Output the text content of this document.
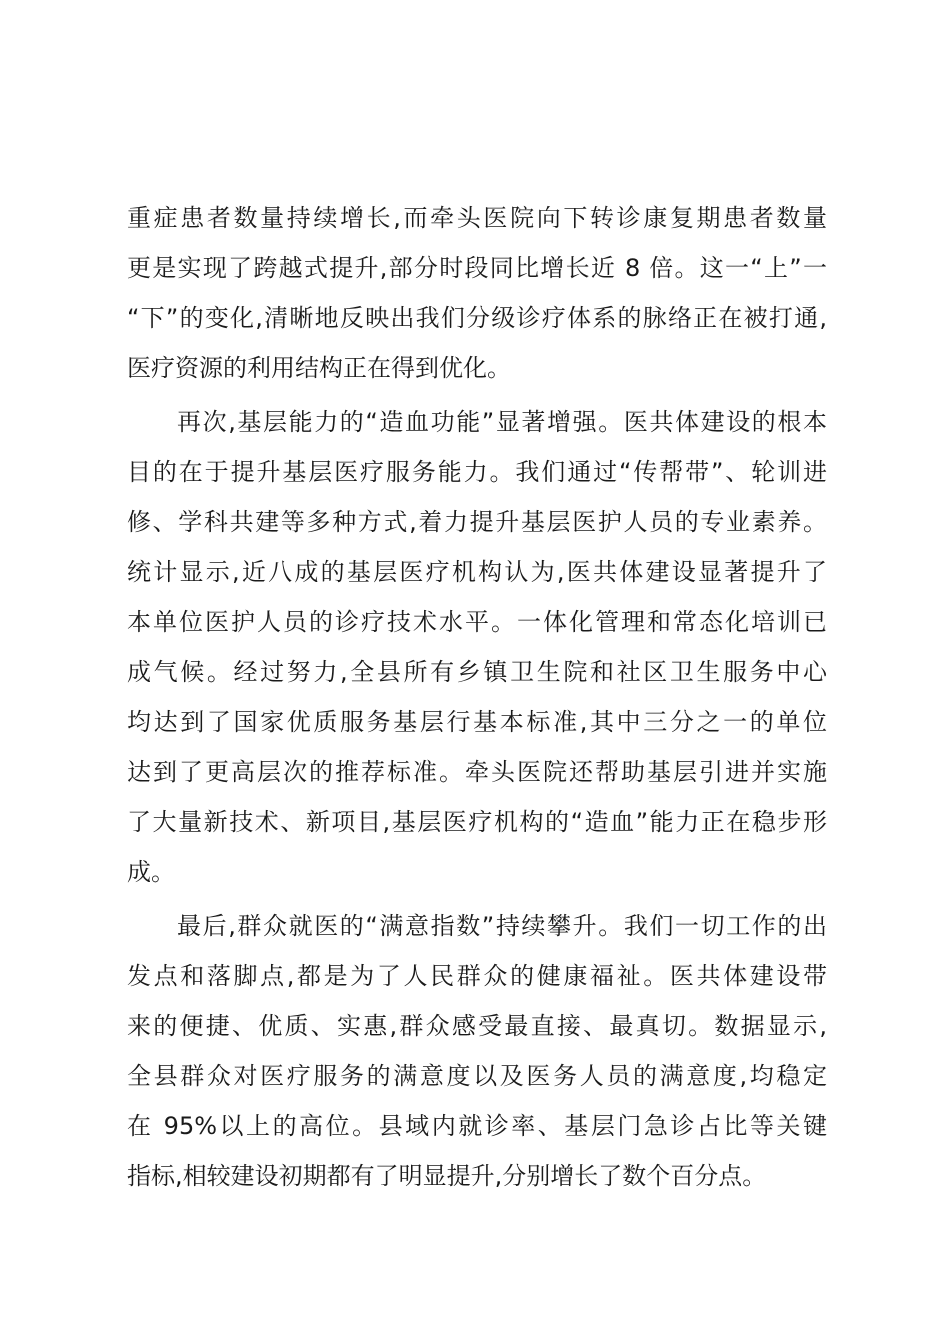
重症患者数量持续增长,而牵头医院向下转诊康复期患者数量
更是实现了跨越式提升,部分时段同比增长近 8 倍。这一“上”一
“下”的变化,清晰地反映出我们分级诊疗体系的脉络正在被打通,
医疗资源的利用结构正在得到优化。
再次,基层能力的“造血功能”显著增强。医共体建设的根本
目的在于提升基层医疗服务能力。我们通过“传帮带”、轮训进
修、学科共建等多种方式,着力提升基层医护人员的专业素养。
统计显示,近八成的基层医疗机构认为,医共体建设显著提升了
本单位医护人员的诊疗技术水平。一体化管理和常态化培训已
成气候。经过努力,全县所有乡镇卫生院和社区卫生服务中心
均达到了国家优质服务基层行基本标准,其中三分之一的单位
达到了更高层次的推荐标准。牵头医院还帮助基层引进并实施
了大量新技术、新项目,基层医疗机构的“造血”能力正在稳步形
成。
最后,群众就医的“满意指数”持续攀升。我们一切工作的出
发点和落脚点,都是为了人民群众的健康福祉。医共体建设带
来的便捷、优质、实惠,群众感受最直接、最真切。数据显示,
全县群众对医疗服务的满意度以及医务人员的满意度,均稳定
在 95%以上的高位。县域内就诊率、基层门急诊占比等关键
指标,相较建设初期都有了明显提升,分别增长了数个百分点。
